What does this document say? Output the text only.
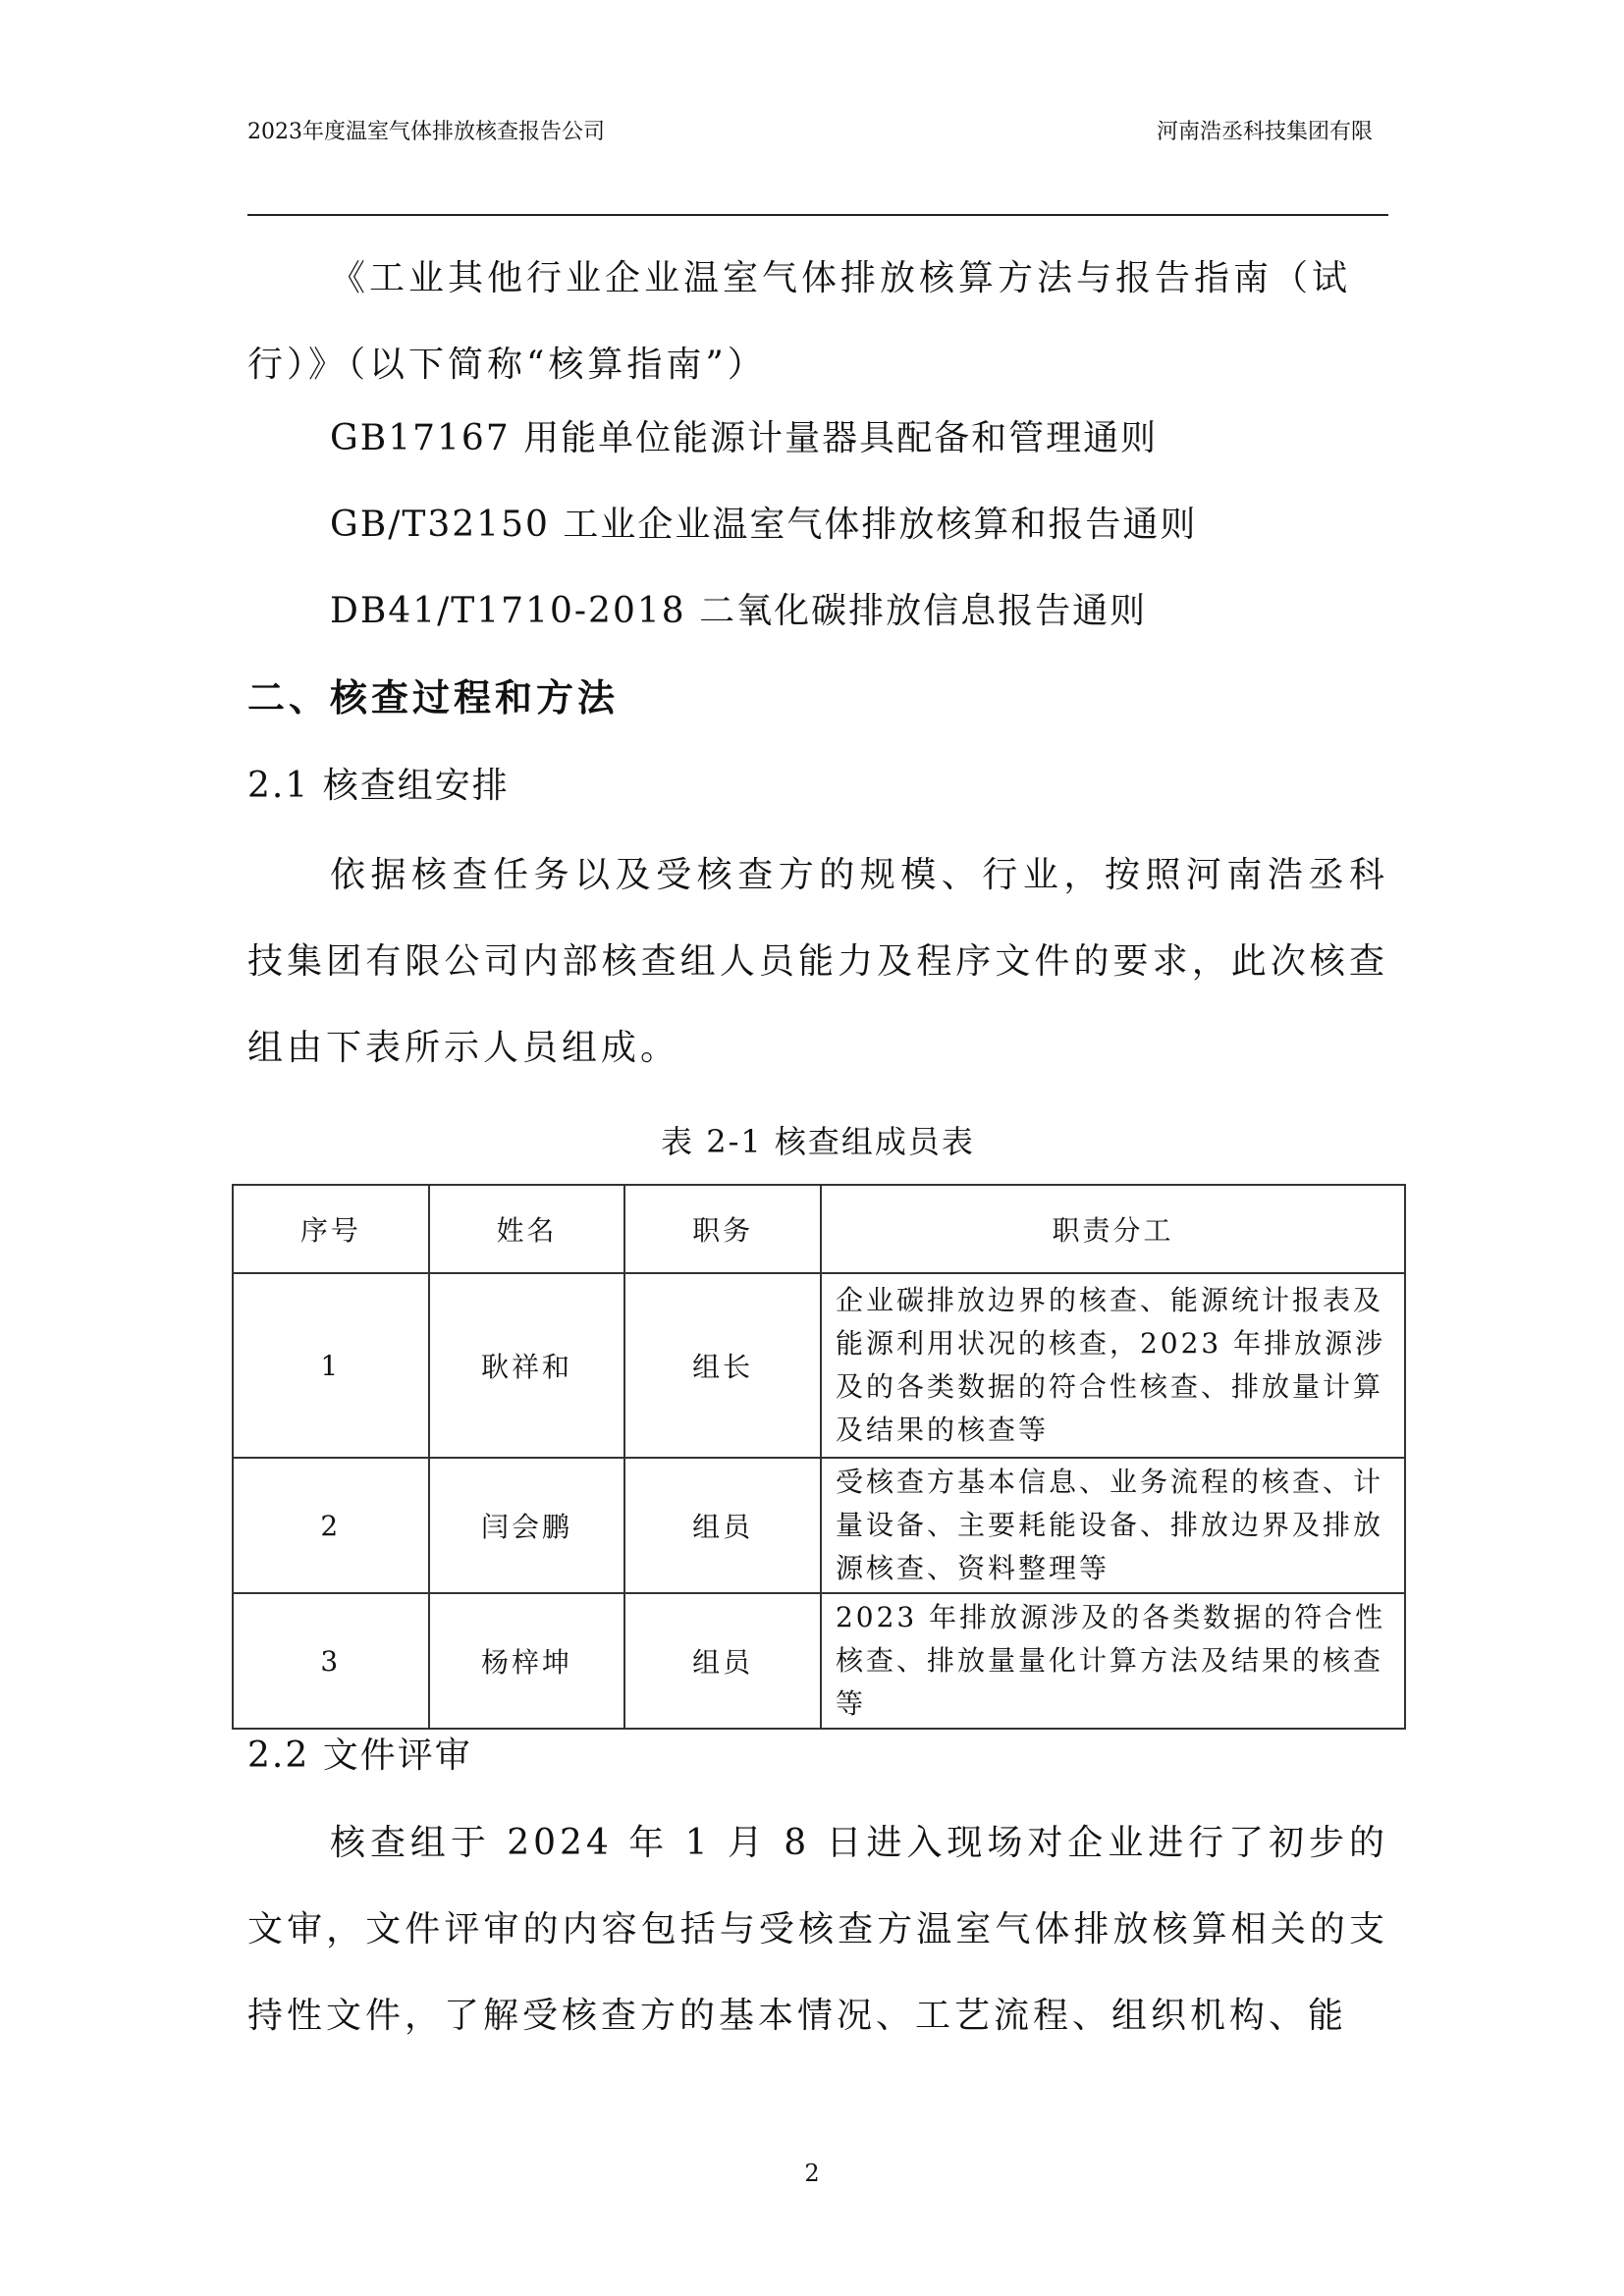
2023年度温室气体排放核查报告公司	河南浩丞科技集团有限
《工业其他行业企业温室气体排放核算方法与报告指南（试行）》（以下简称“核算指南”）
GB17167 用能单位能源计量器具配备和管理通则
GB/T32150 工业企业温室气体排放核算和报告通则
DB41/T1710-2018 二氧化碳排放信息报告通则
二、核查过程和方法
2.1 核查组安排
依据核查任务以及受核查方的规模、行业，按照河南浩丞科技集团有限公司内部核查组人员能力及程序文件的要求，此次核查组由下表所示人员组成。
表 2-1 核查组成员表
序号	姓名	职务	职责分工
1	耿祥和	组长	企业碳排放边界的核查、能源统计报表及能源利用状况的核查，2023 年排放源涉及的各类数据的符合性核查、排放量计算及结果的核查等
2	闫会鹏	组员	受核查方基本信息、业务流程的核查、计量设备、主要耗能设备、排放边界及排放源核查、资料整理等
3	杨梓坤	组员	2023 年排放源涉及的各类数据的符合性核查、排放量量化计算方法及结果的核查等
2.2 文件评审
核查组于 2024 年 1 月 8 日进入现场对企业进行了初步的文审，文件评审的内容包括与受核查方温室气体排放核算相关的支持性文件，了解受核查方的基本情况、工艺流程、组织机构、能
2
